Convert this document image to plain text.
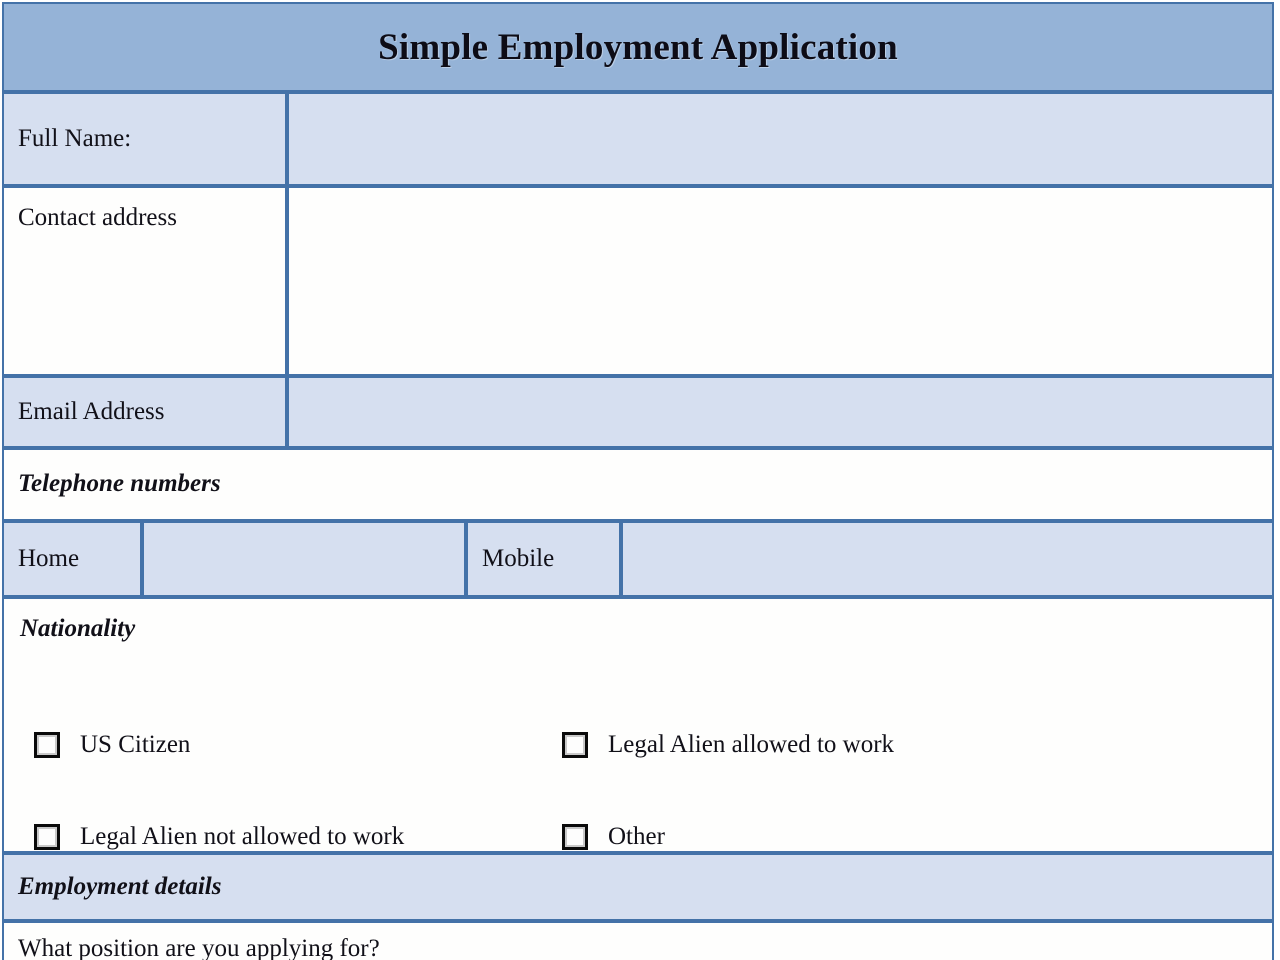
Simple Employment Application				
Full Name:				
Contact address				
Email Address				
Telephone numbers				
Home			Mobile	

Nationality
US Citizen Legal Alien allowed to work
Legal Alien not allowed to work Other				

Employment details				
What position are you applying for?				
